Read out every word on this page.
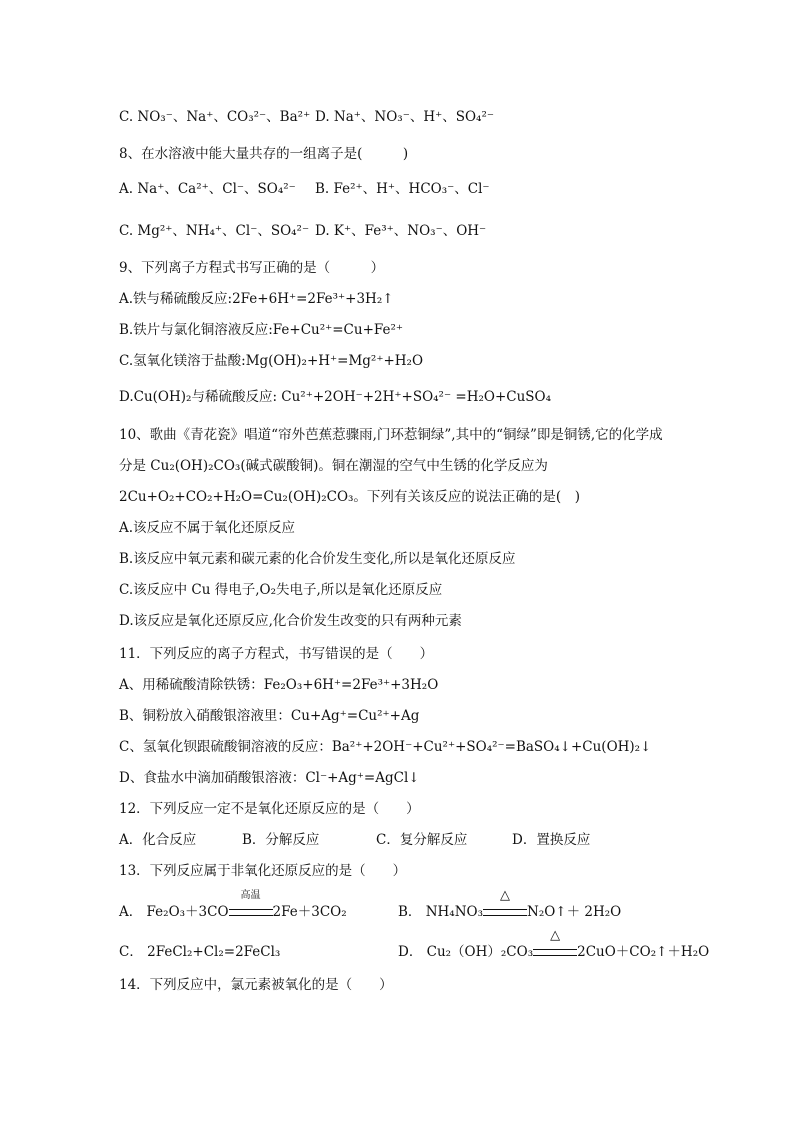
C. NO₃⁻、Na⁺、CO₃²⁻、Ba²⁺ D. Na⁺、NO₃⁻、H⁺、SO₄²⁻
8、在水溶液中能大量共存的一组离子是(　　　)
A. Na⁺、Ca²⁺、Cl⁻、SO₄²⁻ B. Fe²⁺、H⁺、HCO₃⁻、Cl⁻
C. Mg²⁺、NH₄⁺、Cl⁻、SO₄²⁻ D. K⁺、Fe³⁺、NO₃⁻、OH⁻
9、下列离子方程式书写正确的是（　　　）
A.铁与稀硫酸反应:2Fe+6H⁺=2Fe³⁺+3H₂↑
B.铁片与氯化铜溶液反应:Fe+Cu²⁺=Cu+Fe²⁺
C.氢氧化镁溶于盐酸:Mg(OH)₂+H⁺=Mg²⁺+H₂O
D.Cu(OH)₂与稀硫酸反应: Cu²⁺+2OH⁻+2H⁺+SO₄²⁻ =H₂O+CuSO₄
10、歌曲《青花瓷》唱道“帘外芭蕉惹骤雨,门环惹铜绿”,其中的“铜绿”即是铜锈,它的化学成
分是 Cu₂(OH)₂CO₃(碱式碳酸铜)。铜在潮湿的空气中生锈的化学反应为
2Cu+O₂+CO₂+H₂O=Cu₂(OH)₂CO₃。下列有关该反应的说法正确的是(　)
A.该反应不属于氧化还原反应
B.该反应中氧元素和碳元素的化合价发生变化,所以是氧化还原反应
C.该反应中 Cu 得电子,O₂失电子,所以是氧化还原反应
D.该反应是氧化还原反应,化合价发生改变的只有两种元素
11．下列反应的离子方程式，书写错误的是（　　）
A、用稀硫酸清除铁锈：Fe₂O₃+6H⁺=2Fe³⁺+3H₂O
B、铜粉放入硝酸银溶液里：Cu+Ag⁺=Cu²⁺+Ag
C、氢氧化钡跟硫酸铜溶液的反应：Ba²⁺+2OH⁻+Cu²⁺+SO₄²⁻=BaSO₄↓+Cu(OH)₂↓
D、食盐水中滴加硝酸银溶液：Cl⁻+Ag⁺=AgCl↓
12．下列反应一定不是氧化还原反应的是（　　）
A．化合反应	B．分解反应	C．复分解反应	D．置换反应
13．下列反应属于非氧化还原反应的是（　　）
A． Fe₂O₃＋3CO
高温
2Fe＋3CO₂	B． NH₄NO₃
△
N₂O↑＋ 2H₂O
C． 2FeCl₂+Cl₂=2FeCl₃	D． Cu₂（OH）₂CO₃
△
2CuO＋CO₂↑＋H₂O
14．下列反应中，氯元素被氧化的是（　　）
